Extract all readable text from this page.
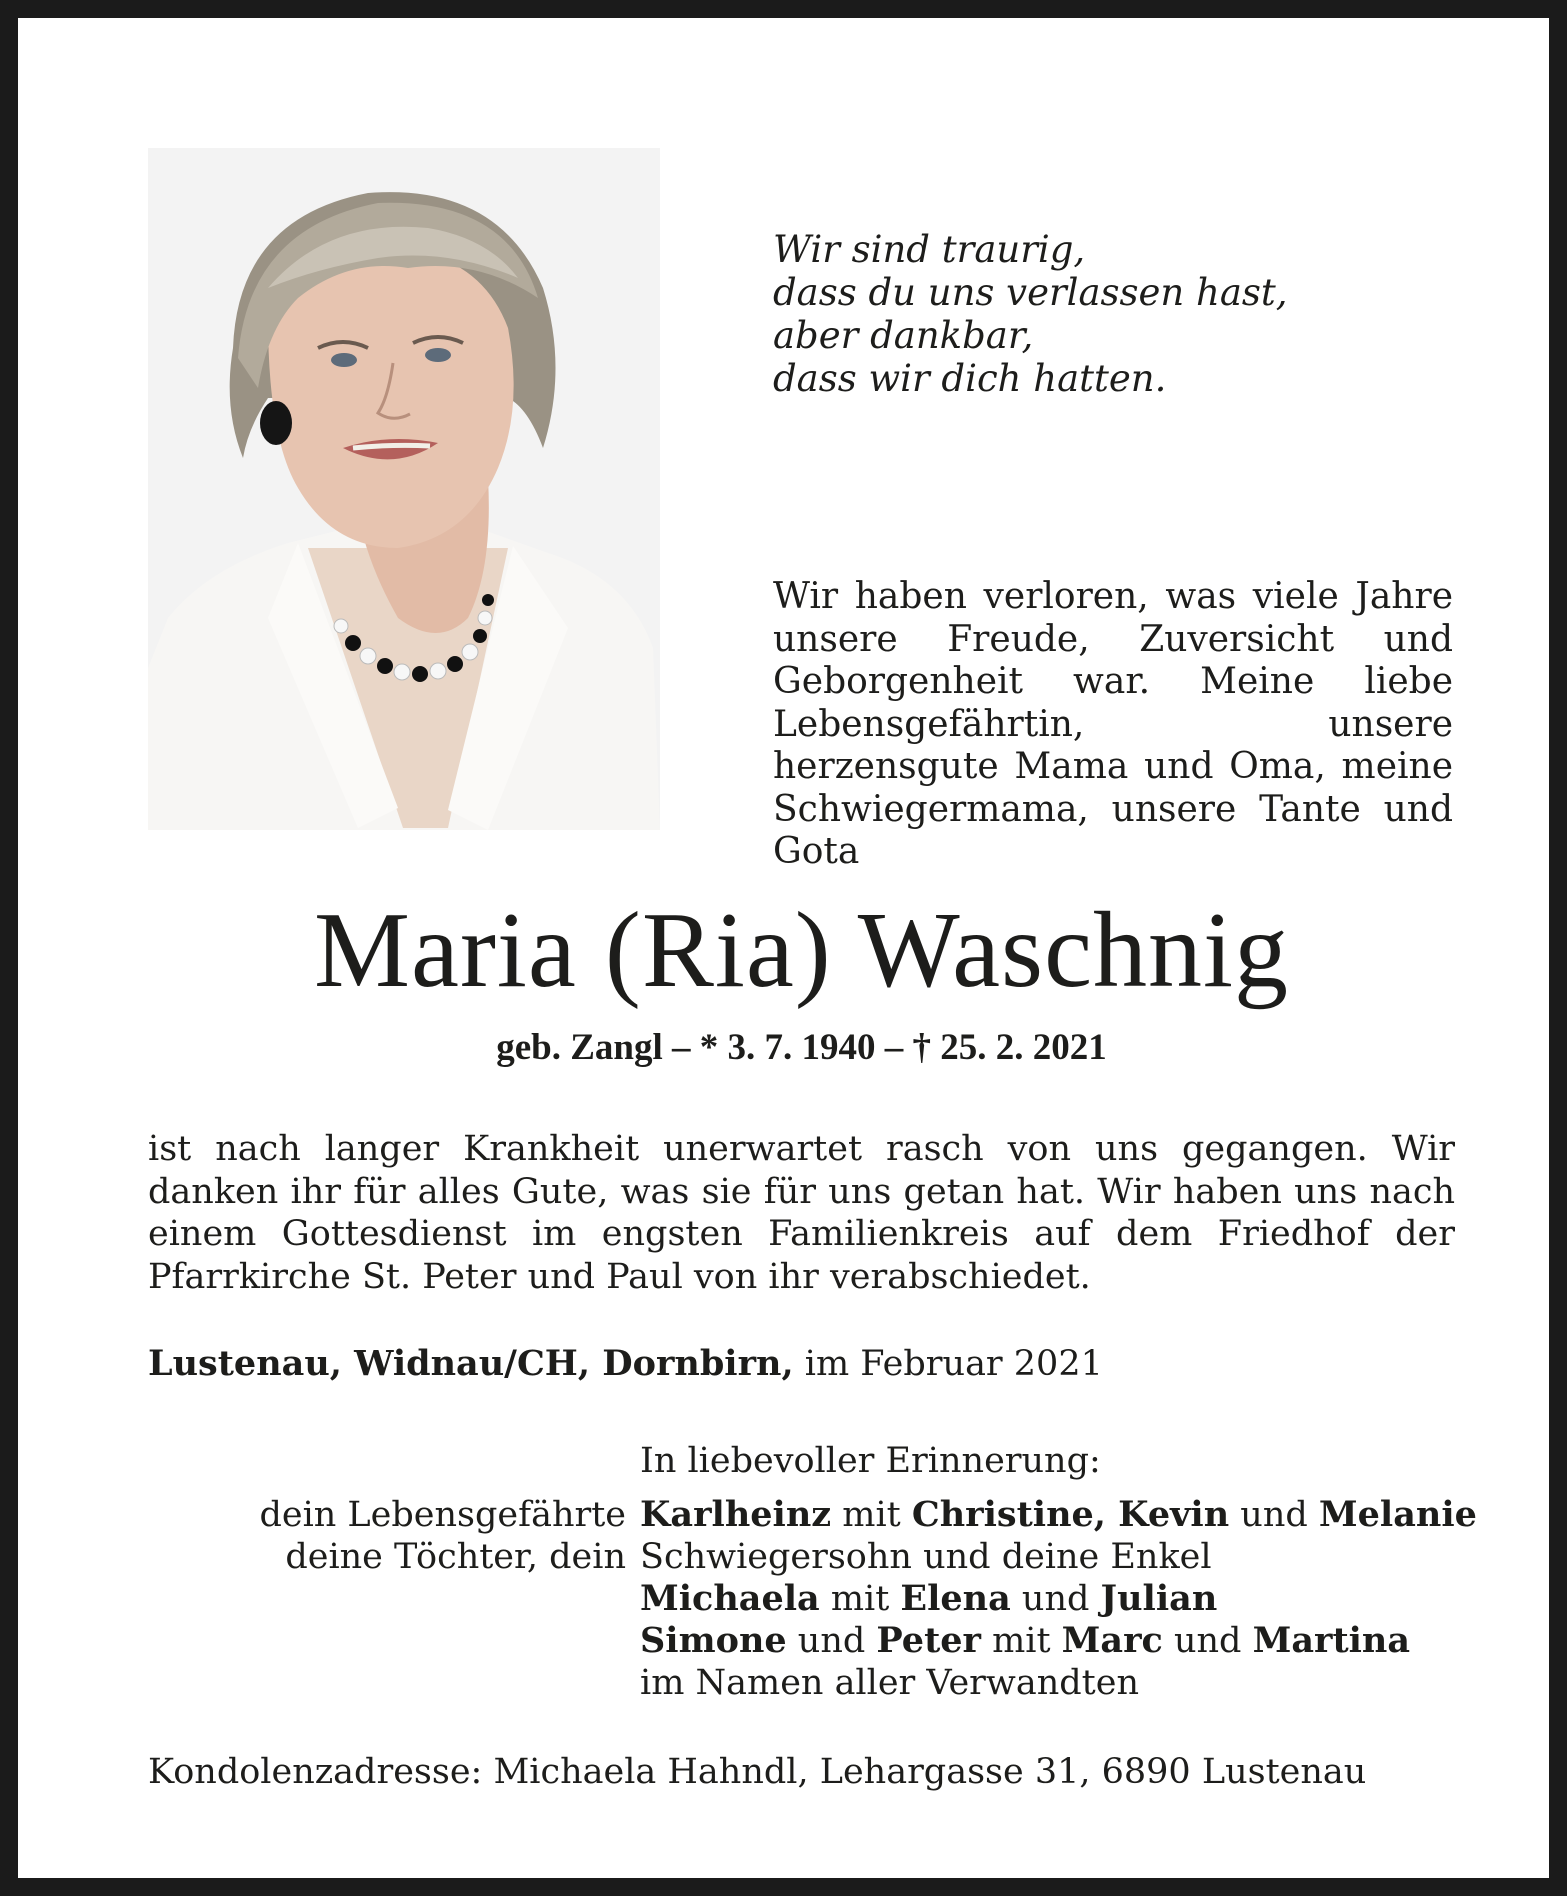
Wir sind traurig,
dass du uns verlassen hast,
aber dankbar,
dass wir dich hatten.
Wir haben verloren, was viele Jahre unsere Freude, Zuversicht und Geborgenheit war. Meine liebe Lebensgefährtin, unsere herzensgute Mama und Oma, meine Schwiegermama, unsere Tante und Gota
Maria (Ria) Waschnig
geb. Zangl – * 3. 7. 1940 – † 25. 2. 2021
ist nach langer Krankheit unerwartet rasch von uns gegangen. Wir danken ihr für alles Gute, was sie für uns getan hat. Wir haben uns nach einem Gottesdienst im engsten Familienkreis auf dem Friedhof der Pfarrkirche St. Peter und Paul von ihr verabschiedet.
Lustenau, Widnau/CH, Dornbirn, im Februar 2021
In liebevoller Erinnerung:
dein Lebensgefährte
deine Töchter, dein
Karlheinz mit Christine, Kevin und Melanie
Schwiegersohn und deine Enkel
Michaela mit Elena und Julian
Simone und Peter mit Marc und Martina
im Namen aller Verwandten
Kondolenzadresse: Michaela Hahndl, Lehargasse 31, 6890 Lustenau
